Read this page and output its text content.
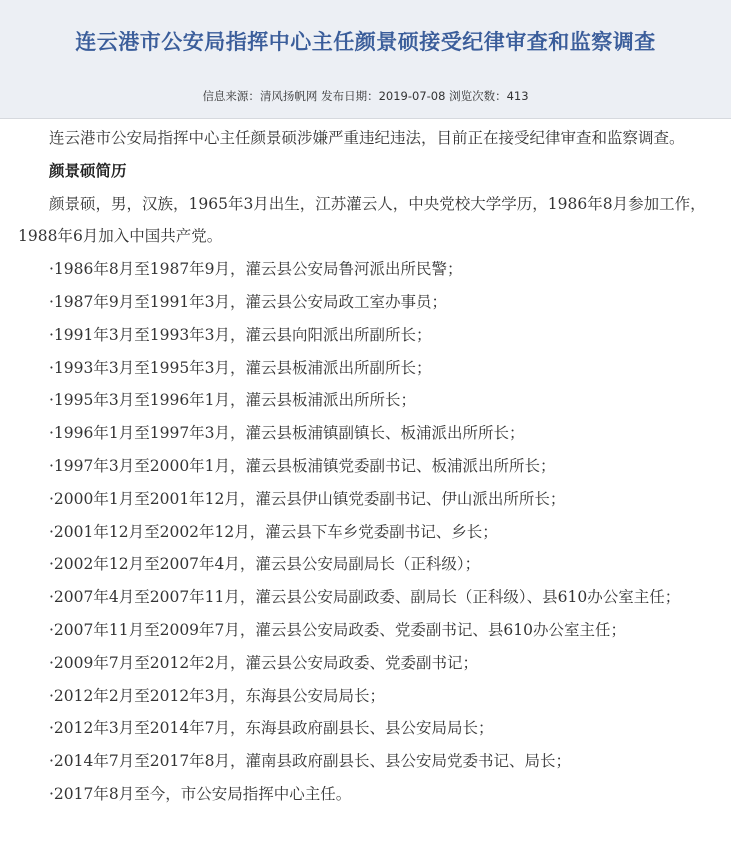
连云港市公安局指挥中心主任颜景硕接受纪律审查和监察调查
信息来源：清风扬帆网 发布日期：2019-07-08 浏览次数：413

连云港市公安局指挥中心主任颜景硕涉嫌严重违纪违法，目前正在接受纪律审查和监察调查。

颜景硕简历

颜景硕，男，汉族，1965年3月出生，江苏灌云人，中央党校大学学历，1986年8月参加工作，1988年6月加入中国共产党。

·1986年8月至1987年9月，灌云县公安局鲁河派出所民警；

·1987年9月至1991年3月，灌云县公安局政工室办事员；

·1991年3月至1993年3月，灌云县向阳派出所副所长；

·1993年3月至1995年3月，灌云县板浦派出所副所长；

·1995年3月至1996年1月，灌云县板浦派出所所长；

·1996年1月至1997年3月，灌云县板浦镇副镇长、板浦派出所所长；

·1997年3月至2000年1月，灌云县板浦镇党委副书记、板浦派出所所长；

·2000年1月至2001年12月，灌云县伊山镇党委副书记、伊山派出所所长；

·2001年12月至2002年12月，灌云县下车乡党委副书记、乡长；

·2002年12月至2007年4月，灌云县公安局副局长（正科级）；

·2007年4月至2007年11月，灌云县公安局副政委、副局长（正科级）、县610办公室主任；

·2007年11月至2009年7月，灌云县公安局政委、党委副书记、县610办公室主任；

·2009年7月至2012年2月，灌云县公安局政委、党委副书记；

·2012年2月至2012年3月，东海县公安局局长；

·2012年3月至2014年7月，东海县政府副县长、县公安局局长；

·2014年7月至2017年8月，灌南县政府副县长、县公安局党委书记、局长；

·2017年8月至今，市公安局指挥中心主任。
